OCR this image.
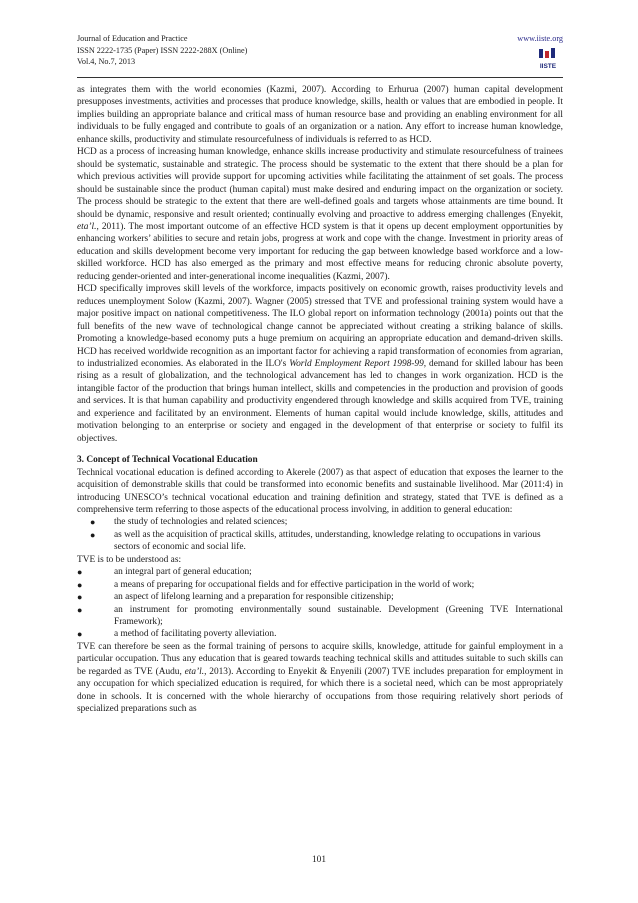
Journal of Education and Practice
ISSN 2222-1735 (Paper) ISSN 2222-288X (Online)
Vol.4, No.7, 2013
www.iiste.org
IISTE

as integrates them with the world economies (Kazmi, 2007). According to Erhurua (2007) human capital development presupposes investments, activities and processes that produce knowledge, skills, health or values that are embodied in people. It implies building an appropriate balance and critical mass of human resource base and providing an enabling environment for all individuals to be fully engaged and contribute to goals of an organization or a nation. Any effort to increase human knowledge, enhance skills, productivity and stimulate resourcefulness of individuals is referred to as HCD.

HCD as a process of increasing human knowledge, enhance skills increase productivity and stimulate resourcefulness of trainees should be systematic, sustainable and strategic. The process should be systematic to the extent that there should be a plan for which previous activities will provide support for upcoming activities while facilitating the attainment of set goals. The process should be sustainable since the product (human capital) must make desired and enduring impact on the organization or society. The process should be strategic to the extent that there are well-defined goals and targets whose attainments are time bound. It should be dynamic, responsive and result oriented; continually evolving and proactive to address emerging challenges (Enyekit, eta’l., 2011). The most important outcome of an effective HCD system is that it opens up decent employment opportunities by enhancing workers’ abilities to secure and retain jobs, progress at work and cope with the change. Investment in priority areas of education and skills development become very important for reducing the gap between knowledge based workforce and a low-skilled workforce. HCD has also emerged as the primary and most effective means for reducing chronic absolute poverty, reducing gender-oriented and inter-generational income inequalities (Kazmi, 2007).

HCD specifically improves skill levels of the workforce, impacts positively on economic growth, raises productivity levels and reduces unemployment Solow (Kazmi, 2007). Wagner (2005) stressed that TVE and professional training system would have a major positive impact on national competitiveness. The ILO global report on information technology (2001a) points out that the full benefits of the new wave of technological change cannot be appreciated without creating a striking balance of skills. Promoting a knowledge-based economy puts a huge premium on acquiring an appropriate education and demand-driven skills. HCD has received worldwide recognition as an important factor for achieving a rapid transformation of economies from agrarian, to industrialized economies. As elaborated in the ILO's World Employment Report 1998-99, demand for skilled labour has been rising as a result of globalization, and the technological advancement has led to changes in work organization. HCD is the intangible factor of the production that brings human intellect, skills and competencies in the production and provision of goods and services. It is that human capability and productivity engendered through knowledge and skills acquired from TVE, training and experience and facilitated by an environment. Elements of human capital would include knowledge, skills, attitudes and motivation belonging to an enterprise or society and engaged in the development of that enterprise or society to fulfil its objectives.

3. Concept of Technical Vocational Education

Technical vocational education is defined according to Akerele (2007) as that aspect of education that exposes the learner to the acquisition of demonstrable skills that could be transformed into economic benefits and sustainable livelihood. Mar (2011:4) in introducing UNESCO’s technical vocational education and training definition and strategy, stated that TVE is defined as a comprehensive term referring to those aspects of the educational process involving, in addition to general education:

● the study of technologies and related sciences;
● as well as the acquisition of practical skills, attitudes, understanding, knowledge relating to occupations in various sectors of economic and social life.

TVE is to be understood as:

●	an integral part of general education;
●	a means of preparing for occupational fields and for effective participation in the world of work;
●	an aspect of lifelong learning and a preparation for responsible citizenship;
●	an instrument for promoting environmentally sound sustainable. Development (Greening TVE International Framework);
●	a method of facilitating poverty alleviation.

TVE can therefore be seen as the formal training of persons to acquire skills, knowledge, attitude for gainful employment in a particular occupation. Thus any education that is geared towards teaching technical skills and attitudes suitable to such skills can be regarded as TVE (Audu, eta’l., 2013). According to Enyekit & Enyenili (2007) TVE includes preparation for employment in any occupation for which specialized education is required, for which there is a societal need, which can be most appropriately done in schools. It is concerned with the whole hierarchy of occupations from those requiring relatively short periods of specialized preparations such as

101
